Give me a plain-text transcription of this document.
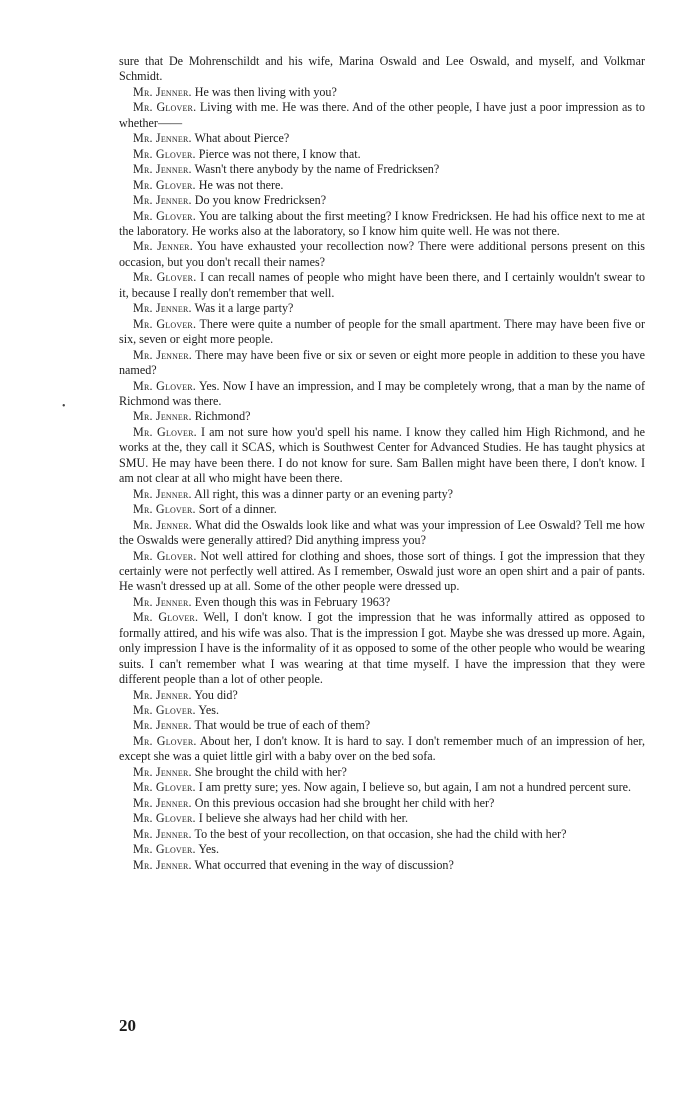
sure that De Mohrenschildt and his wife, Marina Oswald and Lee Oswald, and myself, and Volkmar Schmidt.

Mr. Jenner. He was then living with you?

Mr. Glover. Living with me. He was there. And of the other people, I have just a poor impression as to whether——

Mr. Jenner. What about Pierce?

Mr. Glover. Pierce was not there, I know that.

Mr. Jenner. Wasn't there anybody by the name of Fredricksen?

Mr. Glover. He was not there.

Mr. Jenner. Do you know Fredricksen?

Mr. Glover. You are talking about the first meeting? I know Fredricksen. He had his office next to me at the laboratory. He works also at the laboratory, so I know him quite well. He was not there.

Mr. Jenner. You have exhausted your recollection now? There were additional persons present on this occasion, but you don't recall their names?

Mr. Glover. I can recall names of people who might have been there, and I certainly wouldn't swear to it, because I really don't remember that well.

Mr. Jenner. Was it a large party?

Mr. Glover. There were quite a number of people for the small apartment. There may have been five or six, seven or eight more people.

Mr. Jenner. There may have been five or six or seven or eight more people in addition to these you have named?

Mr. Glover. Yes. Now I have an impression, and I may be completely wrong, that a man by the name of Richmond was there.

Mr. Jenner. Richmond?

Mr. Glover. I am not sure how you'd spell his name. I know they called him High Richmond, and he works at the, they call it SCAS, which is Southwest Center for Advanced Studies. He has taught physics at SMU. He may have been there. I do not know for sure. Sam Ballen might have been there, I don't know. I am not clear at all who might have been there.

Mr. Jenner. All right, this was a dinner party or an evening party?

Mr. Glover. Sort of a dinner.

Mr. Jenner. What did the Oswalds look like and what was your impression of Lee Oswald? Tell me how the Oswalds were generally attired? Did anything impress you?

Mr. Glover. Not well attired for clothing and shoes, those sort of things. I got the impression that they certainly were not perfectly well attired. As I remember, Oswald just wore an open shirt and a pair of pants. He wasn't dressed up at all. Some of the other people were dressed up.

Mr. Jenner. Even though this was in February 1963?

Mr. Glover. Well, I don't know. I got the impression that he was informally attired as opposed to formally attired, and his wife was also. That is the impression I got. Maybe she was dressed up more. Again, only impression I have is the informality of it as opposed to some of the other people who would be wearing suits. I can't remember what I was wearing at that time myself. I have the impression that they were different people than a lot of other people.

Mr. Jenner. You did?

Mr. Glover. Yes.

Mr. Jenner. That would be true of each of them?

Mr. Glover. About her, I don't know. It is hard to say. I don't remember much of an impression of her, except she was a quiet little girl with a baby over on the bed sofa.

Mr. Jenner. She brought the child with her?

Mr. Glover. I am pretty sure; yes. Now again, I believe so, but again, I am not a hundred percent sure.

Mr. Jenner. On this previous occasion had she brought her child with her?

Mr. Glover. I believe she always had her child with her.

Mr. Jenner. To the best of your recollection, on that occasion, she had the child with her?

Mr. Glover. Yes.

Mr. Jenner. What occurred that evening in the way of discussion?

•
20
